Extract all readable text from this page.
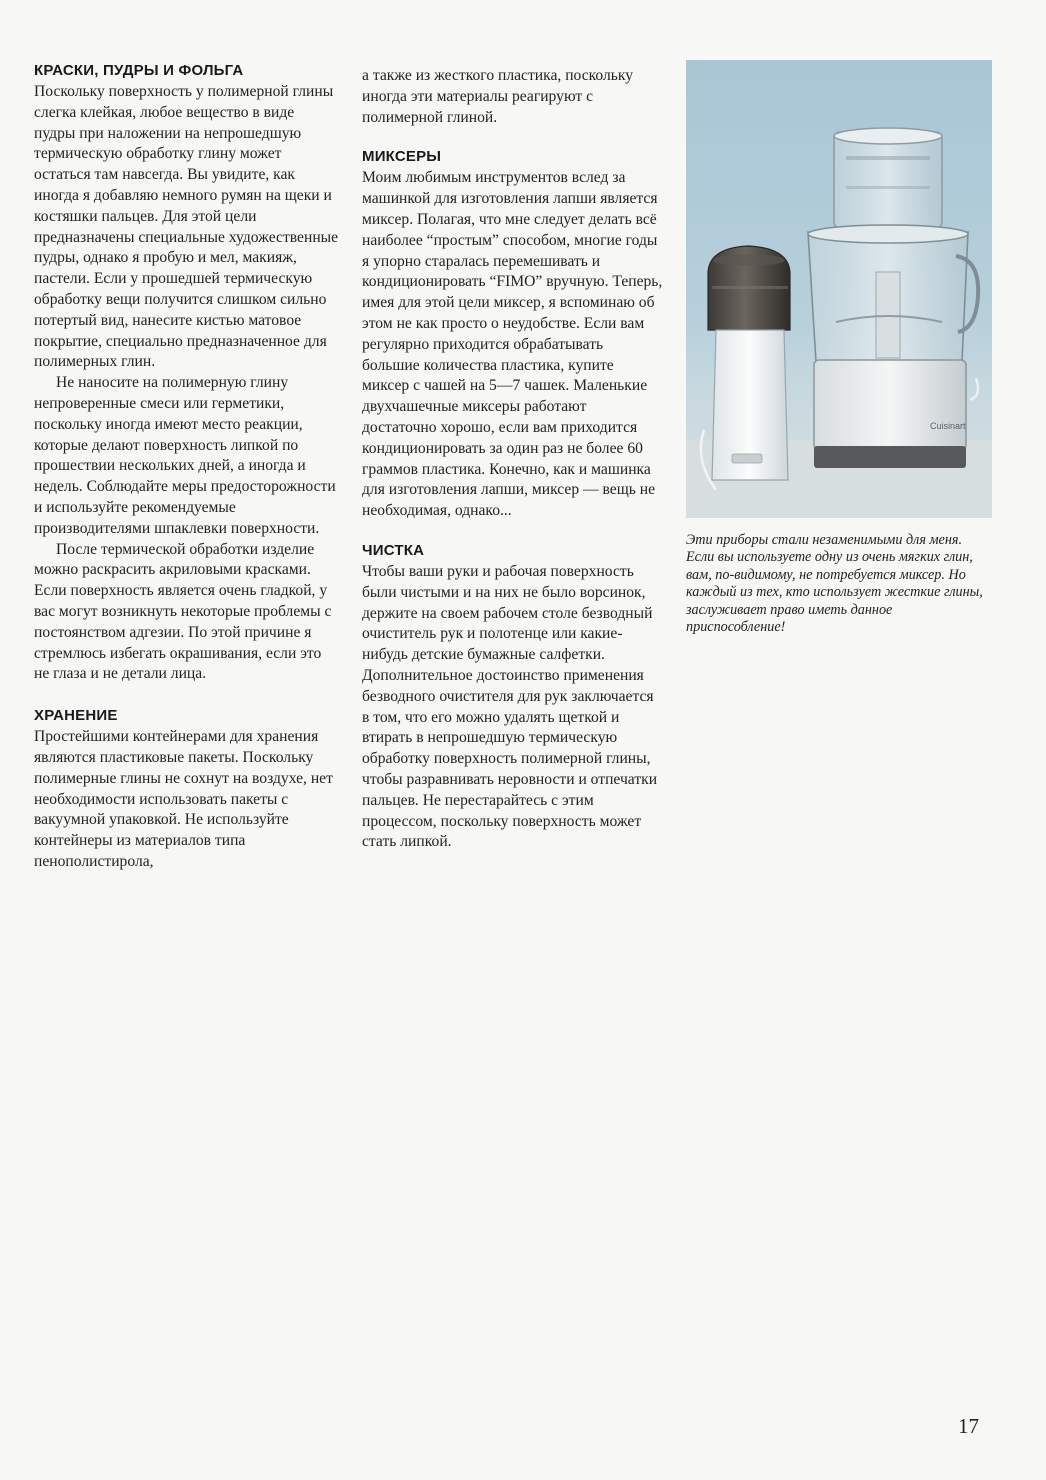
КРАСКИ, ПУДРЫ И ФОЛЬГА

Поскольку поверхность у полимерной глины слегка клейкая, любое вещество в виде пудры при наложении на непрошедшую термическую обработку глину может остаться там навсегда. Вы увидите, как иногда я добавляю немного румян на щеки и костяшки пальцев. Для этой цели предназначены специальные художественные пудры, однако я пробую и мел, макияж, пастели. Если у прошедшей термическую обработку вещи получится слишком сильно потертый вид, нанесите кистью матовое покрытие, специально предназначенное для полимерных глин.

Не наносите на полимерную глину непроверенные смеси или герметики, поскольку иногда имеют место реакции, которые делают поверхность липкой по прошествии нескольких дней, а иногда и недель. Соблюдайте меры предосторожности и используйте рекомендуемые производителями шпаклевки поверхности.

После термической обработки изделие можно раскрасить акриловыми красками. Если поверхность является очень гладкой, у вас могут возникнуть некоторые проблемы с постоянством адгезии. По этой причине я стремлюсь избегать окрашивания, если это не глаза и не детали лица.

ХРАНЕНИЕ

Простейшими контейнерами для хранения являются пластиковые пакеты. Поскольку полимерные глины не сохнут на воздухе, нет необходимости использовать пакеты с вакуумной упаковкой. Не используйте контейнеры из материалов типа пенополистирола,

а также из жесткого пластика, поскольку иногда эти материалы реагируют с полимерной глиной.

МИКСЕРЫ

Моим любимым инструментов вслед за машинкой для изготовления лапши является миксер. Полагая, что мне следует делать всё наиболее “простым” способом, многие годы я упорно старалась перемешивать и кондиционировать “FIMO” вручную. Теперь, имея для этой цели миксер, я вспоминаю об этом не как просто о неудобстве. Если вам регулярно приходится обрабатывать большие количества пластика, купите миксер с чашей на 5—7 чашек. Маленькие двухчашечные миксеры работают достаточно хорошо, если вам приходится кондиционировать за один раз не более 60 граммов пластика. Конечно, как и машинка для изготовления лапши, миксер — вещь не необходимая, однако...

ЧИСТКА

Чтобы ваши руки и рабочая поверхность были чистыми и на них не было ворсинок, держите на своем рабочем столе безводный очиститель рук и полотенце или какие-нибудь детские бумажные салфетки. Дополнительное достоинство применения безводного очистителя для рук заключается в том, что его можно удалять щеткой и втирать в непрошедшую термическую обработку поверхность полимерной глины, чтобы разравнивать неровности и отпечатки пальцев. Не перестарайтесь с этим процессом, поскольку поверхность может стать липкой.

Cuisinart

Эти приборы стали незаменимыми для меня. Если вы используете одну из очень мягких глин, вам, по-видимому, не потребуется миксер. Но каждый из тех, кто использует жесткие глины, заслуживает право иметь данное приспособление!

17
